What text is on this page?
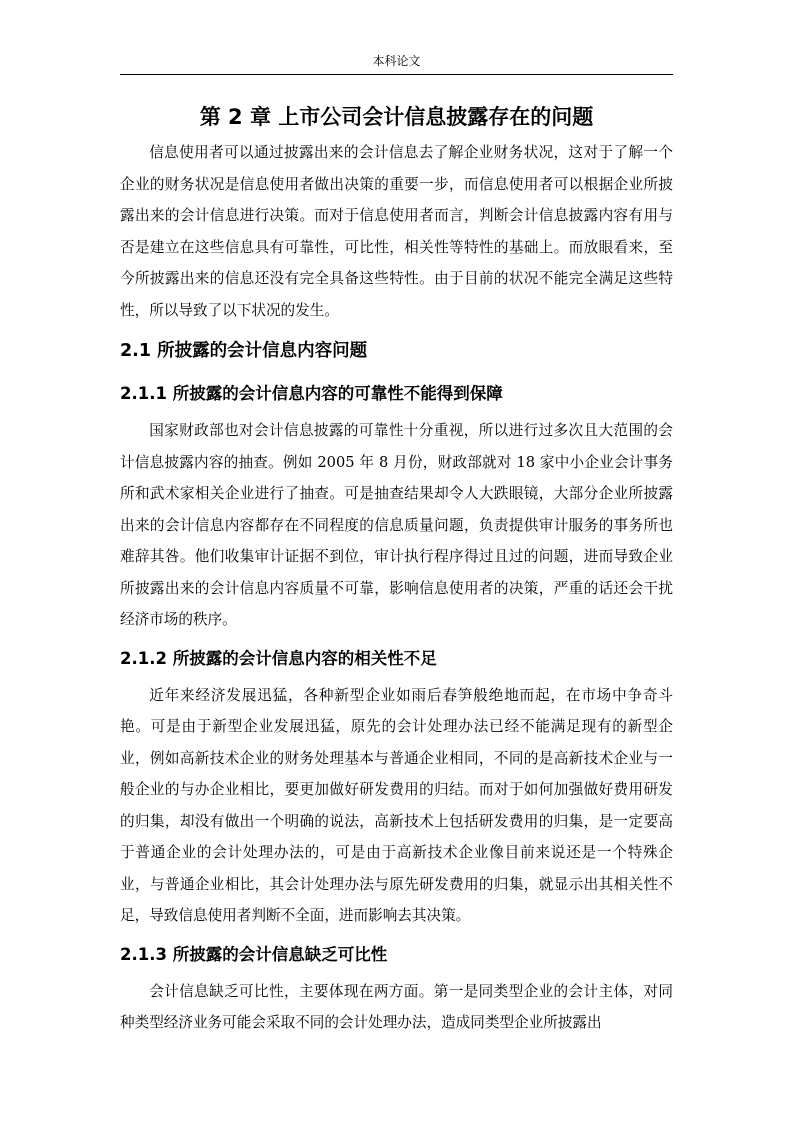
本科论文
第 2 章 上市公司会计信息披露存在的问题

信息使用者可以通过披露出来的会计信息去了解企业财务状况，这对于了解一个企业的财务状况是信息使用者做出决策的重要一步，而信息使用者可以根据企业所披露出来的会计信息进行决策。而对于信息使用者而言，判断会计信息披露内容有用与否是建立在这些信息具有可靠性，可比性，相关性等特性的基础上。而放眼看来，至今所披露出来的信息还没有完全具备这些特性。由于目前的状况不能完全满足这些特性，所以导致了以下状况的发生。

2.1 所披露的会计信息内容问题
2.1.1 所披露的会计信息内容的可靠性不能得到保障

国家财政部也对会计信息披露的可靠性十分重视，所以进行过多次且大范围的会计信息披露内容的抽查。例如 2005 年 8 月份，财政部就对 18 家中小企业会计事务所和武术家相关企业进行了抽查。可是抽查结果却令人大跌眼镜，大部分企业所披露出来的会计信息内容都存在不同程度的信息质量问题，负责提供审计服务的事务所也难辞其咎。他们收集审计证据不到位，审计执行程序得过且过的问题，进而导致企业所披露出来的会计信息内容质量不可靠，影响信息使用者的决策，严重的话还会干扰经济市场的秩序。

2.1.2 所披露的会计信息内容的相关性不足

近年来经济发展迅猛，各种新型企业如雨后春笋般绝地而起，在市场中争奇斗艳。可是由于新型企业发展迅猛，原先的会计处理办法已经不能满足现有的新型企业，例如高新技术企业的财务处理基本与普通企业相同，不同的是高新技术企业与一般企业的与办企业相比，要更加做好研发费用的归结。而对于如何加强做好费用研发的归集，却没有做出一个明确的说法，高新技术上包括研发费用的归集，是一定要高于普通企业的会计处理办法的，可是由于高新技术企业像目前来说还是一个特殊企业，与普通企业相比，其会计处理办法与原先研发费用的归集，就显示出其相关性不足，导致信息使用者判断不全面，进而影响去其决策。

2.1.3 所披露的会计信息缺乏可比性

会计信息缺乏可比性，主要体现在两方面。第一是同类型企业的会计主体，对同种类型经济业务可能会采取不同的会计处理办法，造成同类型企业所披露出
